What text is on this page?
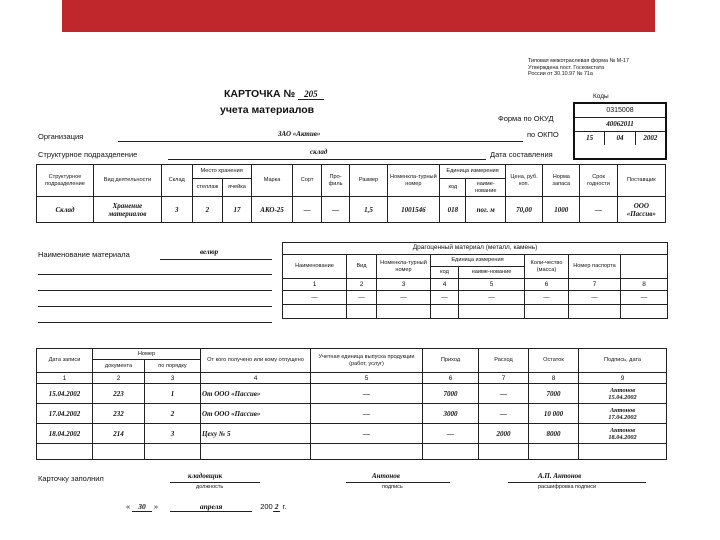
Типовая межотраслевая форма № М-17
Утверждена пост. Госкомстата
России от 30.10.97 № 71а
КАРТОЧКА № 205
учета материалов
Коды
0315008
40062011
15	04	2002
Форма по ОКУД
по ОКПО
Дата составления
Организация	ЗАО «Актив»
Структурное подразделение	склад
Структурное подразделение	Вид деятельности	Склад	Место хранения		Марка	Сорт	Про-филь	Размер	Номенкла-турный номер	Единица измерения		Цена, руб. коп.	Норма запаса	Срок годности	Поставщик
			стеллаж	ячейка						код	наиме-нование				
Склад	Хранение материалов	3	2	17	АКО-25	—	—	1,5	1001546	018	пог. м	70,00	1000	—	ООО «Пассив»
Наименование материала	велюр
Драгоценный материал (металл, камень)							
Наименование	Вид	Номенкла-турный номер	Единица измерения		Коли-чество (масса)	Номер паспорта	
			код	наиме-нование			
1	2	3	4	5	6	7	8
—	—	—	—	—	—	—	—

Дата записи	Номер		От кого получено или кому отпущено	Учетная единица выпуска продукции (работ, услуг)	Приход	Расход	Остаток	Подпись, дата
	документа	по порядку						
1	2	3	4	5	6	7	8	9
15.04.2002	223	1	От ООО «Пассив»	—	7000	—	7000	Антонов
15.04.2002

17.04.2002	232	2	От ООО «Пассив»	—	3000	—	10 000	Антонов
17.04.2002

18.04.2002	214	3	Цеху № 5	—	—	2000	8000	Антонов
18.04.2002

Карточку заполнил	кладовщик
должность
Антонов
подпись
А.П. Антонов
расшифровка подписи
« 30 »	апреля	200 2 г.
